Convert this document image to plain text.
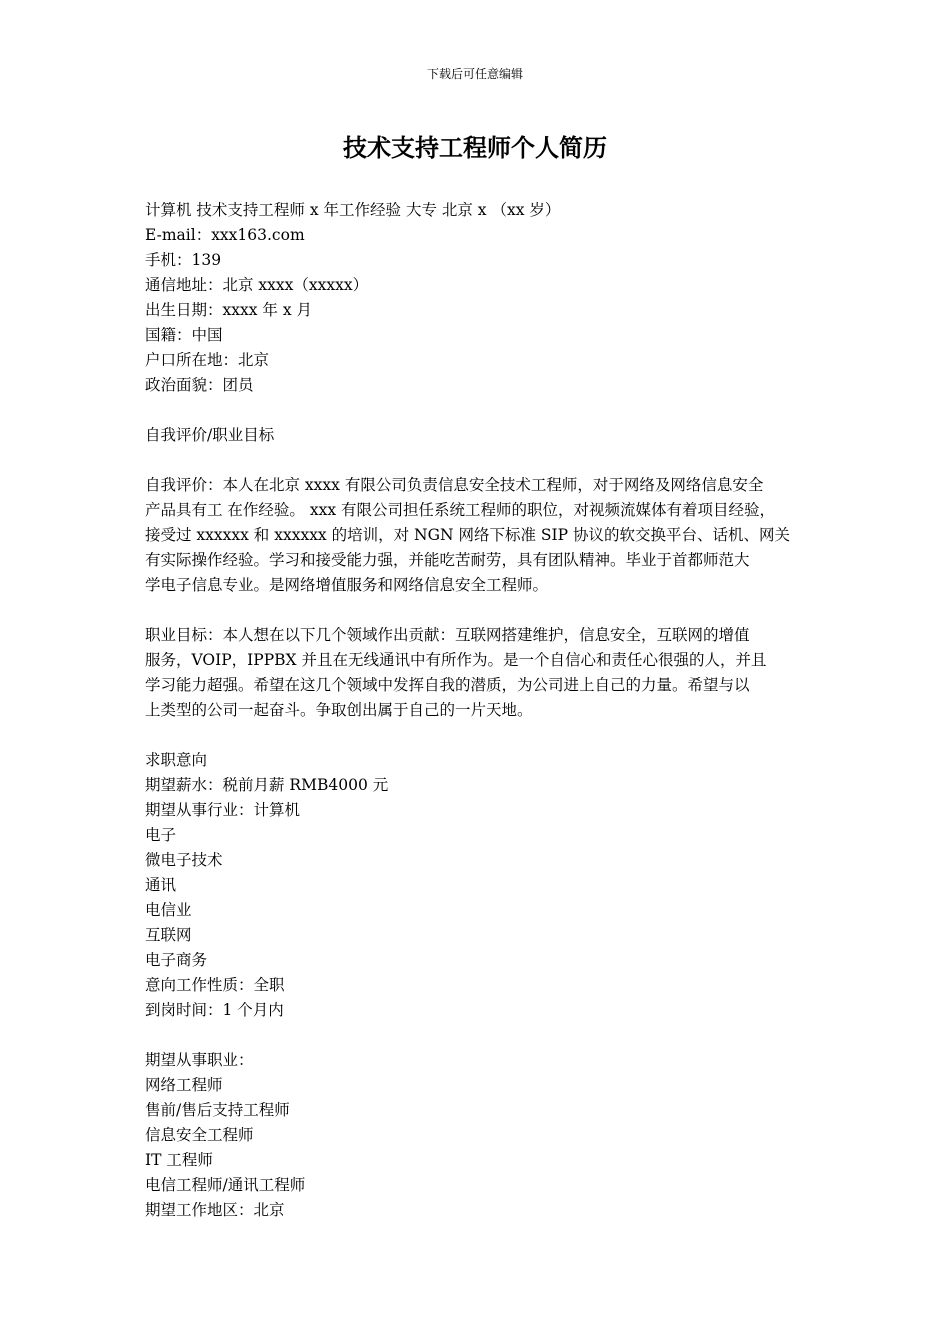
下载后可任意编辑
技术支持工程师个人简历

计算机 技术支持工程师 x 年工作经验 大专 北京 x （xx 岁）

E-mail：xxx163.com

手机：139

通信地址：北京 xxxx（xxxxx）

出生日期：xxxx 年 x 月

国籍：中国

户口所在地：北京

政治面貌：团员

自我评价/职业目标

自我评价：本人在北京 xxxx 有限公司负责信息安全技术工程师，对于网络及网络信息安全

产品具有工 在作经验。 xxx 有限公司担任系统工程师的职位，对视频流媒体有着项目经验，

接受过 xxxxxx 和 xxxxxx 的培训，对 NGN 网络下标准 SIP 协议的软交换平台、话机、网关

有实际操作经验。学习和接受能力强，并能吃苦耐劳，具有团队精神。毕业于首都师范大

学电子信息专业。是网络增值服务和网络信息安全工程师。

职业目标：本人想在以下几个领域作出贡献：互联网搭建维护，信息安全，互联网的增值

服务，VOIP，IPPBX 并且在无线通讯中有所作为。是一个自信心和责任心很强的人，并且

学习能力超强。希望在这几个领域中发挥自我的潜质，为公司进上自己的力量。希望与以

上类型的公司一起奋斗。争取创出属于自己的一片天地。

求职意向

期望薪水：税前月薪 RMB4000 元

期望从事行业：计算机

电子

微电子技术

通讯

电信业

互联网

电子商务

意向工作性质：全职

到岗时间：1 个月内

期望从事职业：

网络工程师

售前/售后支持工程师

信息安全工程师

IT 工程师

电信工程师/通讯工程师

期望工作地区：北京
